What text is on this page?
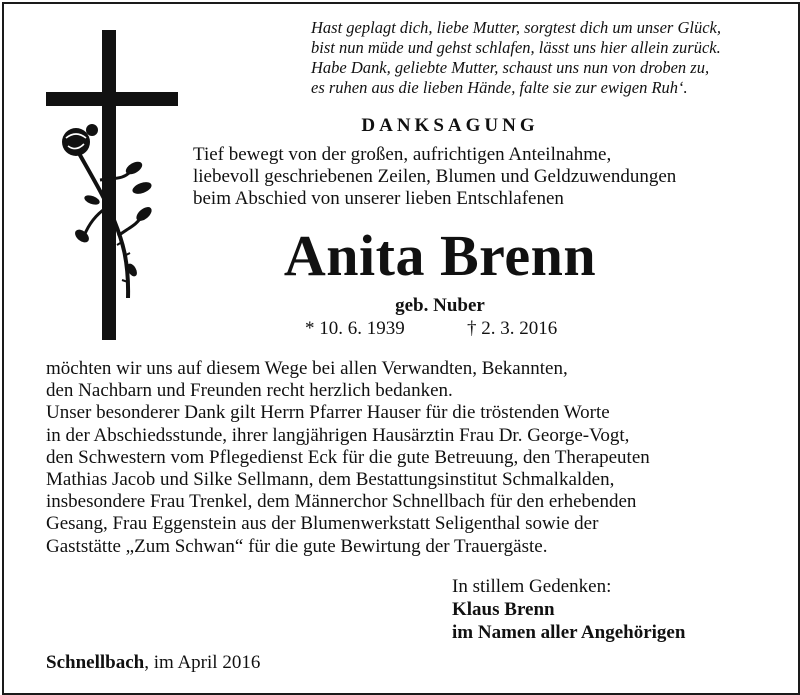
Hast geplagt dich, liebe Mutter, sorgtest dich um unser Glück,
bist nun müde und gehst schlafen, lässt uns hier allein zurück.
Habe Dank, geliebte Mutter, schaust uns nun von droben zu,
es ruhen aus die lieben Hände, falte sie zur ewigen Ruh‘.
DANKSAGUNG
Tief bewegt von der großen, aufrichtigen Anteilnahme,
liebevoll geschriebenen Zeilen, Blumen und Geldzuwendungen
beim Abschied von unserer lieben Entschlafenen
Anita Brenn
geb. Nuber
* 10. 6. 1939	† 2. 3. 2016
möchten wir uns auf diesem Wege bei allen Verwandten, Bekannten,
den Nachbarn und Freunden recht herzlich bedanken.
Unser besonderer Dank gilt Herrn Pfarrer Hauser für die tröstenden Worte
in der Abschiedsstunde, ihrer langjährigen Hausärztin Frau Dr. George-Vogt,
den Schwestern vom Pflegedienst Eck für die gute Betreuung, den Therapeuten
Mathias Jacob und Silke Sellmann, dem Bestattungsinstitut Schmalkalden,
insbesondere Frau Trenkel, dem Männerchor Schnellbach für den erhebenden
Gesang, Frau Eggenstein aus der Blumenwerkstatt Seligenthal sowie der
Gaststätte „Zum Schwan“ für die gute Bewirtung der Trauergäste.
In stillem Gedenken:
Klaus Brenn
im Namen aller Angehörigen
Schnellbach, im April 2016
